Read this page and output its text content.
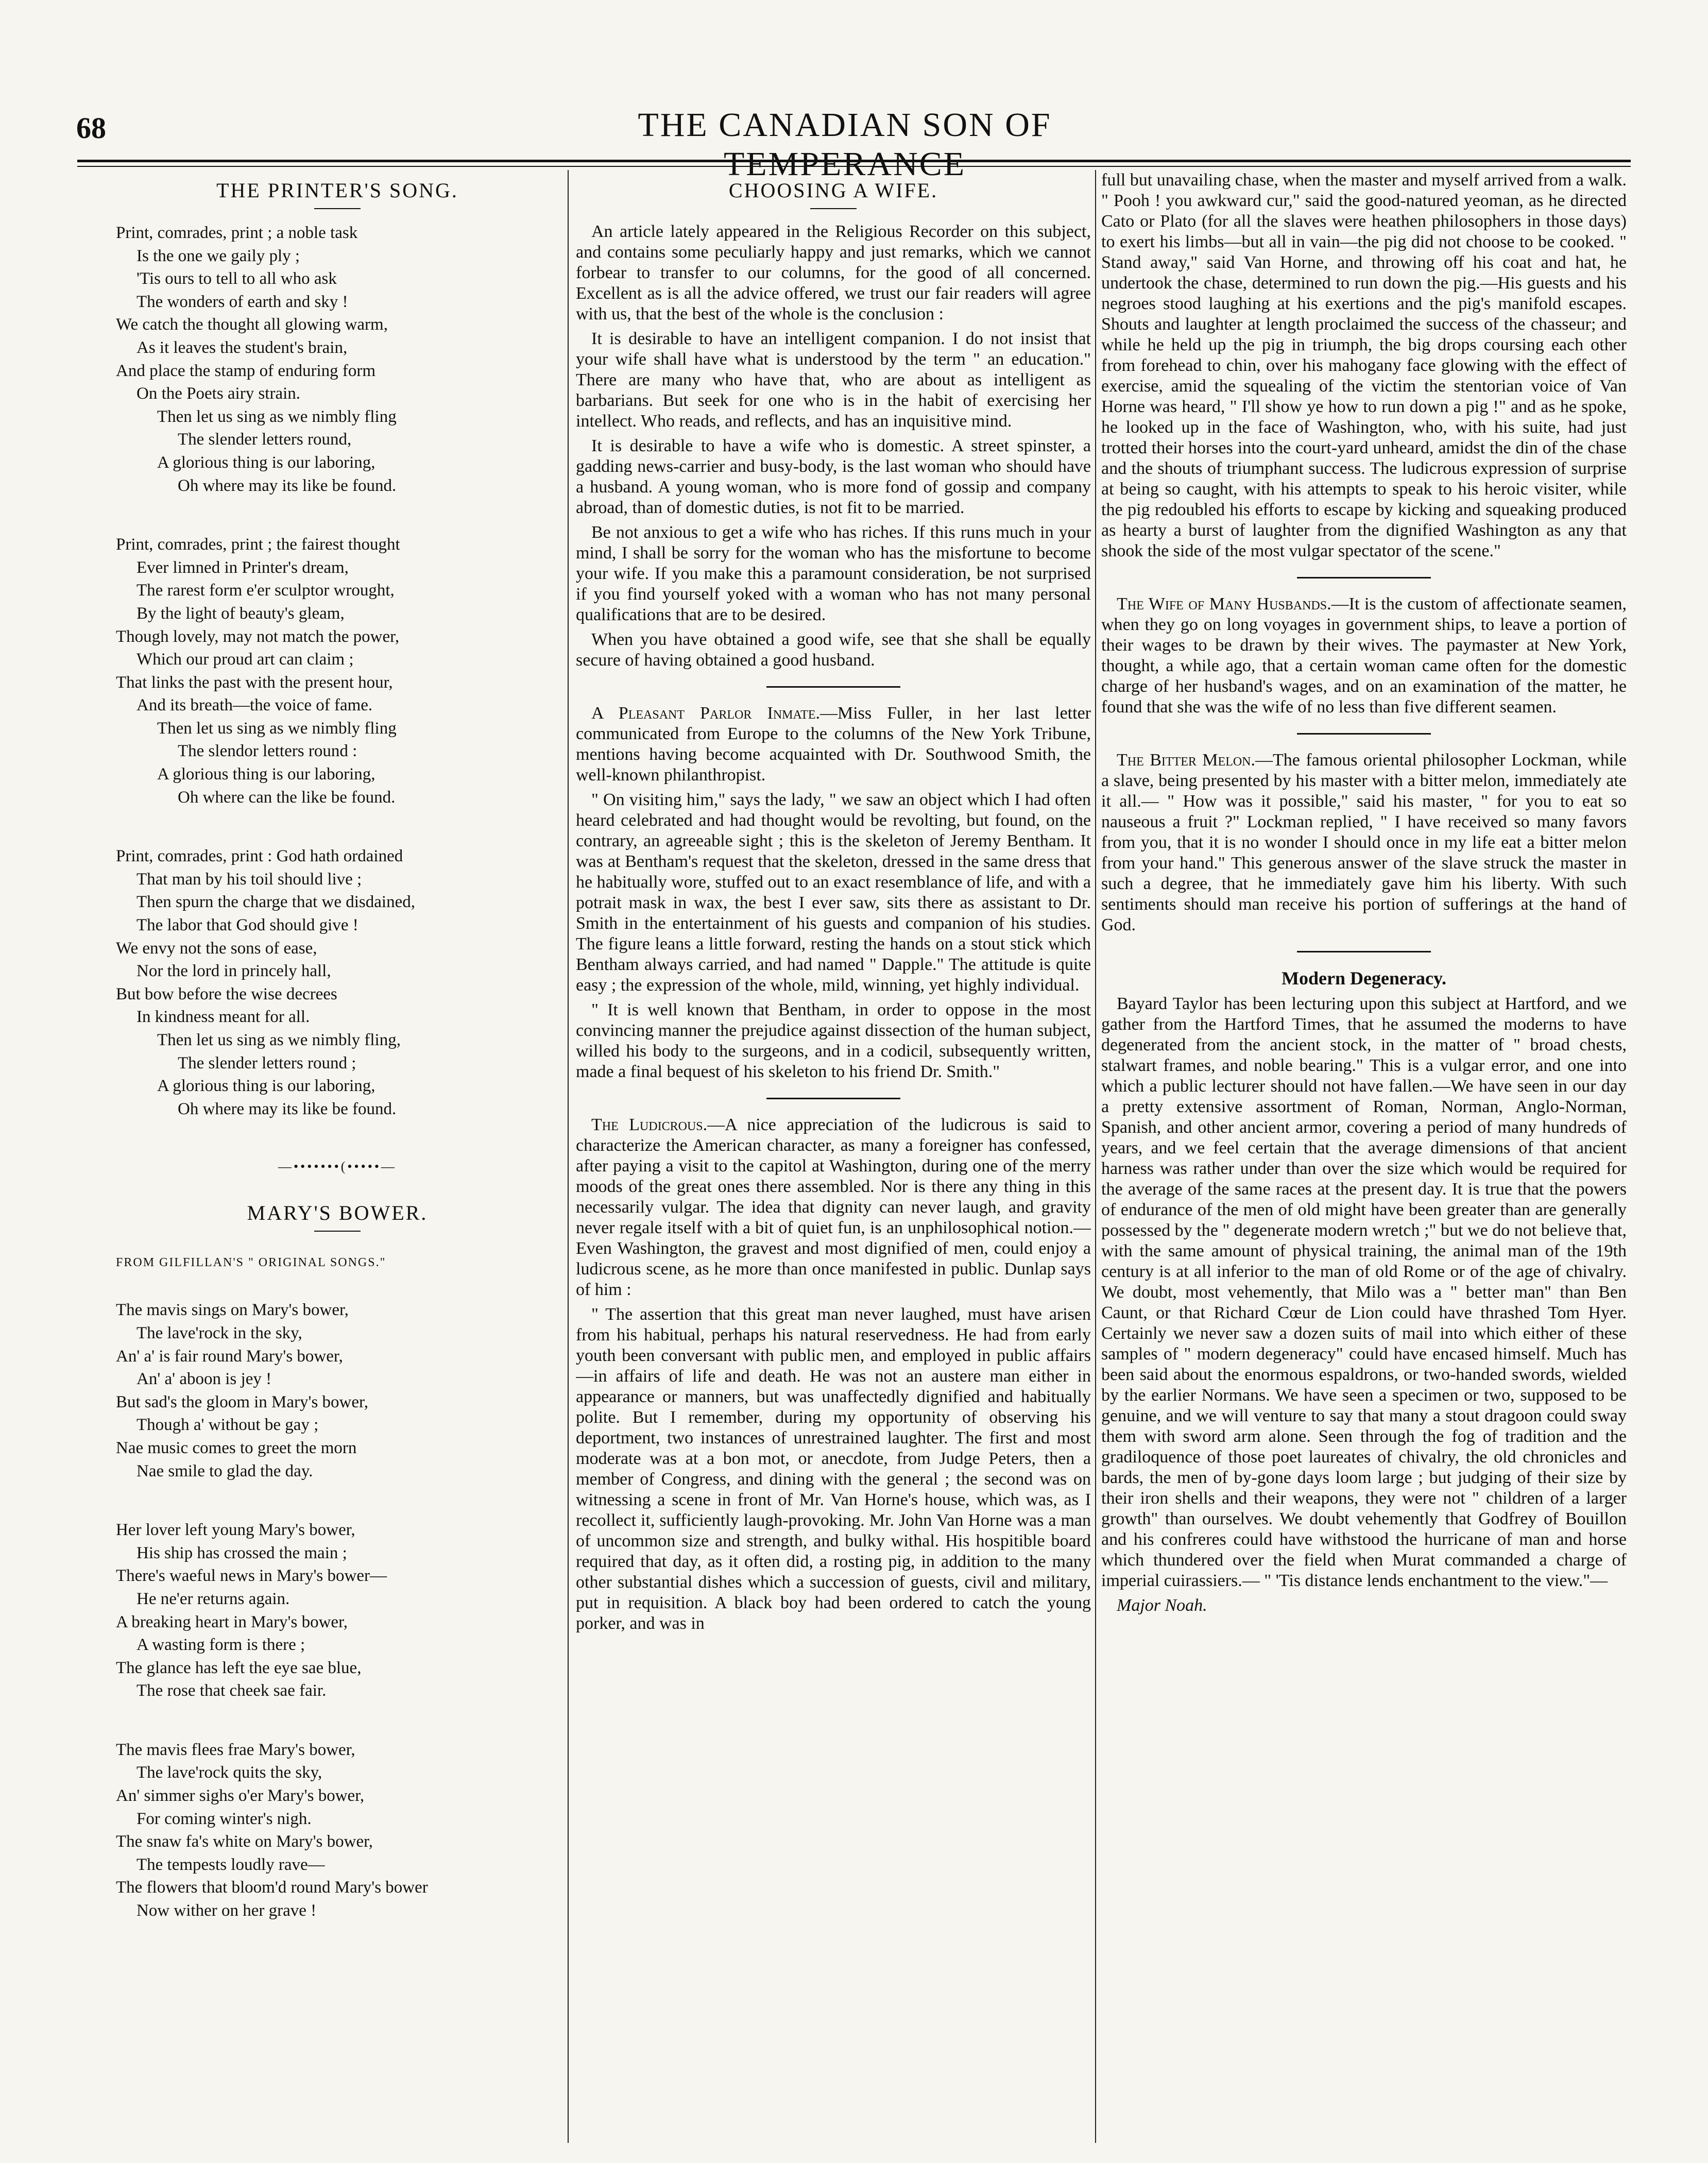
68	THE CANADIAN SON OF TEMPERANCE
THE PRINTER'S SONG.
Print, comrades, print ; a noble task
Is the one we gaily ply ;
'Tis ours to tell to all who ask
The wonders of earth and sky !
We catch the thought all glowing warm,
As it leaves the student's brain,
And place the stamp of enduring form
On the Poets airy strain.
Then let us sing as we nimbly fling
The slender letters round,
A glorious thing is our laboring,
Oh where may its like be found.
Print, comrades, print ; the fairest thought
Ever limned in Printer's dream,
The rarest form e'er sculptor wrought,
By the light of beauty's gleam,
Though lovely, may not match the power,
Which our proud art can claim ;
That links the past with the present hour,
And its breath—the voice of fame.
Then let us sing as we nimbly fling
The slendor letters round :
A glorious thing is our laboring,
Oh where can the like be found.
Print, comrades, print : God hath ordained
That man by his toil should live ;
Then spurn the charge that we disdained,
The labor that God should give !
We envy not the sons of ease,
Nor the lord in princely hall,
But bow before the wise decrees
In kindness meant for all.
Then let us sing as we nimbly fling,
The slender letters round ;
A glorious thing is our laboring,
Oh where may its like be found.
—•••••••(•••••—
MARY'S BOWER.
FROM GILFILLAN'S " ORIGINAL SONGS."
The mavis sings on Mary's bower,
The lave'rock in the sky,
An' a' is fair round Mary's bower,
An' a' aboon is jey !
But sad's the gloom in Mary's bower,
Though a' without be gay ;
Nae music comes to greet the morn
Nae smile to glad the day.
Her lover left young Mary's bower,
His ship has crossed the main ;
There's waeful news in Mary's bower—
He ne'er returns again.
A breaking heart in Mary's bower,
A wasting form is there ;
The glance has left the eye sae blue,
The rose that cheek sae fair.
The mavis flees frae Mary's bower,
The lave'rock quits the sky,
An' simmer sighs o'er Mary's bower,
For coming winter's nigh.
The snaw fa's white on Mary's bower,
The tempests loudly rave—
The flowers that bloom'd round Mary's bower
Now wither on her grave !
CHOOSING A WIFE.

An article lately appeared in the Religious Recorder on this subject, and contains some peculiarly happy and just remarks, which we cannot forbear to transfer to our columns, for the good of all concerned. Excellent as is all the advice offered, we trust our fair readers will agree with us, that the best of the whole is the conclusion :

It is desirable to have an intelligent companion. I do not insist that your wife shall have what is understood by the term " an education." There are many who have that, who are about as intelligent as barbarians. But seek for one who is in the habit of exercising her intellect. Who reads, and reflects, and has an inquisitive mind.

It is desirable to have a wife who is domestic. A street spinster, a gadding news-carrier and busy-body, is the last woman who should have a husband. A young woman, who is more fond of gossip and company abroad, than of domestic duties, is not fit to be married.

Be not anxious to get a wife who has riches. If this runs much in your mind, I shall be sorry for the woman who has the misfortune to become your wife. If you make this a paramount consideration, be not surprised if you find yourself yoked with a woman who has not many personal qualifications that are to be desired.

When you have obtained a good wife, see that she shall be equally secure of having obtained a good husband.

A Pleasant Parlor Inmate.—Miss Fuller, in her last letter communicated from Europe to the columns of the New York Tribune, mentions having become acquainted with Dr. Southwood Smith, the well-known philanthropist.

" On visiting him," says the lady, " we saw an object which I had often heard celebrated and had thought would be revolting, but found, on the contrary, an agreeable sight ; this is the skeleton of Jeremy Bentham. It was at Bentham's request that the skeleton, dressed in the same dress that he habitually wore, stuffed out to an exact resemblance of life, and with a potrait mask in wax, the best I ever saw, sits there as assistant to Dr. Smith in the entertainment of his guests and companion of his studies. The figure leans a little forward, resting the hands on a stout stick which Bentham always carried, and had named " Dapple." The attitude is quite easy ; the expression of the whole, mild, winning, yet highly individual.

" It is well known that Bentham, in order to oppose in the most convincing manner the prejudice against dissection of the human subject, willed his body to the surgeons, and in a codicil, subsequently written, made a final bequest of his skeleton to his friend Dr. Smith."

The Ludicrous.—A nice appreciation of the ludicrous is said to characterize the American character, as many a foreigner has confessed, after paying a visit to the capitol at Washington, during one of the merry moods of the great ones there assembled. Nor is there any thing in this necessarily vulgar. The idea that dignity can never laugh, and gravity never regale itself with a bit of quiet fun, is an unphilosophical notion.—Even Washington, the gravest and most dignified of men, could enjoy a ludicrous scene, as he more than once manifested in public. Dunlap says of him :

" The assertion that this great man never laughed, must have arisen from his habitual, perhaps his natural reservedness. He had from early youth been conversant with public men, and employed in public affairs—in affairs of life and death. He was not an austere man either in appearance or manners, but was unaffectedly dignified and habitually polite. But I remember, during my opportunity of observing his deportment, two instances of unrestrained laughter. The first and most moderate was at a bon mot, or anecdote, from Judge Peters, then a member of Congress, and dining with the general ; the second was on witnessing a scene in front of Mr. Van Horne's house, which was, as I recollect it, sufficiently laugh-provoking. Mr. John Van Horne was a man of uncommon size and strength, and bulky withal. His hospitible board required that day, as it often did, a rosting pig, in addition to the many other substantial dishes which a succession of guests, civil and military, put in requisition. A black boy had been ordered to catch the young porker, and was in

full but unavailing chase, when the master and myself arrived from a walk. " Pooh ! you awkward cur," said the good-natured yeoman, as he directed Cato or Plato (for all the slaves were heathen philosophers in those days) to exert his limbs—but all in vain—the pig did not choose to be cooked. " Stand away," said Van Horne, and throwing off his coat and hat, he undertook the chase, determined to run down the pig.—His guests and his negroes stood laughing at his exertions and the pig's manifold escapes. Shouts and laughter at length proclaimed the success of the chasseur; and while he held up the pig in triumph, the big drops coursing each other from forehead to chin, over his mahogany face glowing with the effect of exercise, amid the squealing of the victim the stentorian voice of Van Horne was heard, " I'll show ye how to run down a pig !" and as he spoke, he looked up in the face of Washington, who, with his suite, had just trotted their horses into the court-yard unheard, amidst the din of the chase and the shouts of triumphant success. The ludicrous expression of surprise at being so caught, with his attempts to speak to his heroic visiter, while the pig redoubled his efforts to escape by kicking and squeaking produced as hearty a burst of laughter from the dignified Washington as any that shook the side of the most vulgar spectator of the scene."

The Wife of Many Husbands.—It is the custom of affectionate seamen, when they go on long voyages in government ships, to leave a portion of their wages to be drawn by their wives. The paymaster at New York, thought, a while ago, that a certain woman came often for the domestic charge of her husband's wages, and on an examination of the matter, he found that she was the wife of no less than five different seamen.

The Bitter Melon.—The famous oriental philosopher Lockman, while a slave, being presented by his master with a bitter melon, immediately ate it all.— " How was it possible," said his master, " for you to eat so nauseous a fruit ?" Lockman replied, " I have received so many favors from you, that it is no wonder I should once in my life eat a bitter melon from your hand." This generous answer of the slave struck the master in such a degree, that he immediately gave him his liberty. With such sentiments should man receive his portion of sufferings at the hand of God.

Modern Degeneracy.

Bayard Taylor has been lecturing upon this subject at Hartford, and we gather from the Hartford Times, that he assumed the moderns to have degenerated from the ancient stock, in the matter of " broad chests, stalwart frames, and noble bearing." This is a vulgar error, and one into which a public lecturer should not have fallen.—We have seen in our day a pretty extensive assortment of Roman, Norman, Anglo-Norman, Spanish, and other ancient armor, covering a period of many hundreds of years, and we feel certain that the average dimensions of that ancient harness was rather under than over the size which would be required for the average of the same races at the present day. It is true that the powers of endurance of the men of old might have been greater than are generally possessed by the " degenerate modern wretch ;" but we do not believe that, with the same amount of physical training, the animal man of the 19th century is at all inferior to the man of old Rome or of the age of chivalry. We doubt, most vehemently, that Milo was a " better man" than Ben Caunt, or that Richard Cœur de Lion could have thrashed Tom Hyer. Certainly we never saw a dozen suits of mail into which either of these samples of " modern degeneracy" could have encased himself. Much has been said about the enormous espaldrons, or two-handed swords, wielded by the earlier Normans. We have seen a specimen or two, supposed to be genuine, and we will venture to say that many a stout dragoon could sway them with sword arm alone. Seen through the fog of tradition and the gradiloquence of those poet laureates of chivalry, the old chronicles and bards, the men of by-gone days loom large ; but judging of their size by their iron shells and their weapons, they were not " children of a larger growth" than ourselves. We doubt vehemently that Godfrey of Bouillon and his confreres could have withstood the hurricane of man and horse which thundered over the field when Murat commanded a charge of imperial cuirassiers.— " 'Tis distance lends enchantment to the view."—

Major Noah.
